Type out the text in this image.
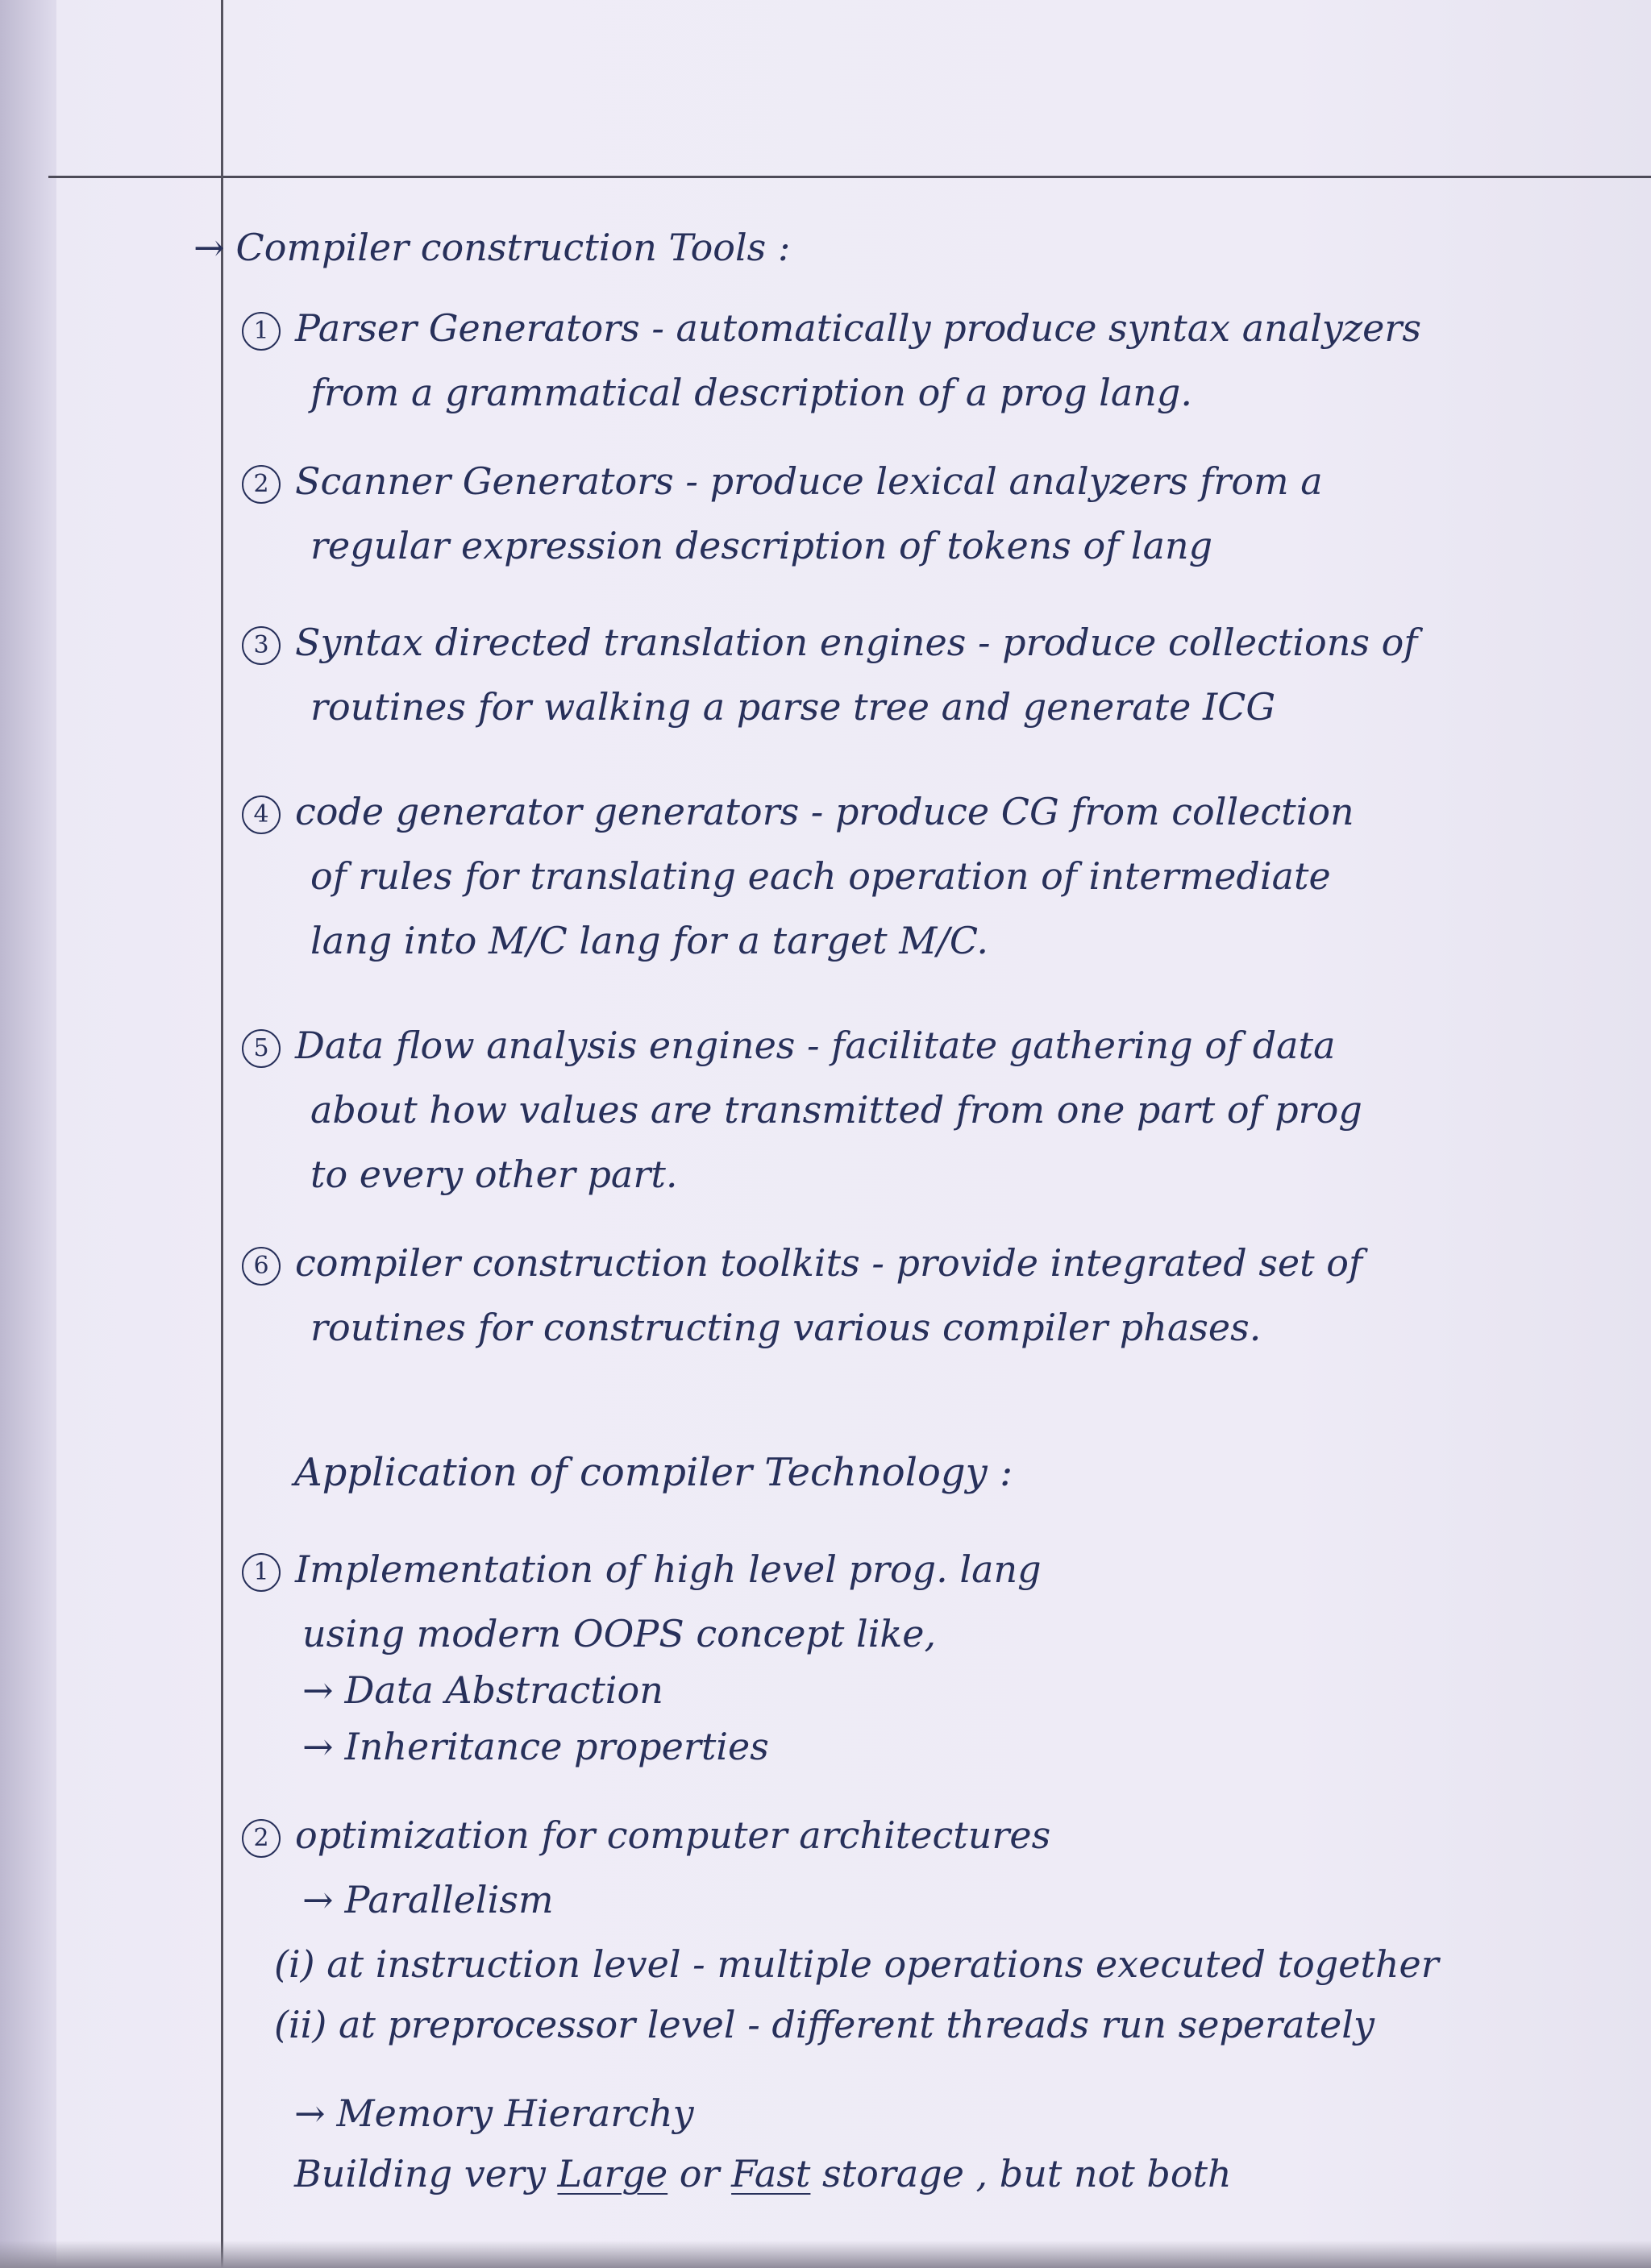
→ Compiler construction Tools :
1 Parser Generators - automatically produce syntax analyzers
from a grammatical description of a prog lang.
2 Scanner Generators - produce lexical analyzers from a
regular expression description of tokens of lang
3 Syntax directed translation engines - produce collections of
routines for walking a parse tree and generate ICG
4 code generator generators - produce CG from collection
of rules for translating each operation of intermediate
lang into M/C lang for a target M/C.
5 Data flow analysis engines - facilitate gathering of data
about how values are transmitted from one part of prog
to every other part.
6 compiler construction toolkits - provide integrated set of
routines for constructing various compiler phases.
Application of compiler Technology :
1 Implementation of high level prog. lang
using modern OOPS concept like,
→ Data Abstraction
→ Inheritance properties
2 optimization for computer architectures
→ Parallelism
(i) at instruction level - multiple operations executed together
(ii) at preprocessor level - different threads run seperately
→ Memory Hierarchy
Building very Large or Fast storage , but not both
